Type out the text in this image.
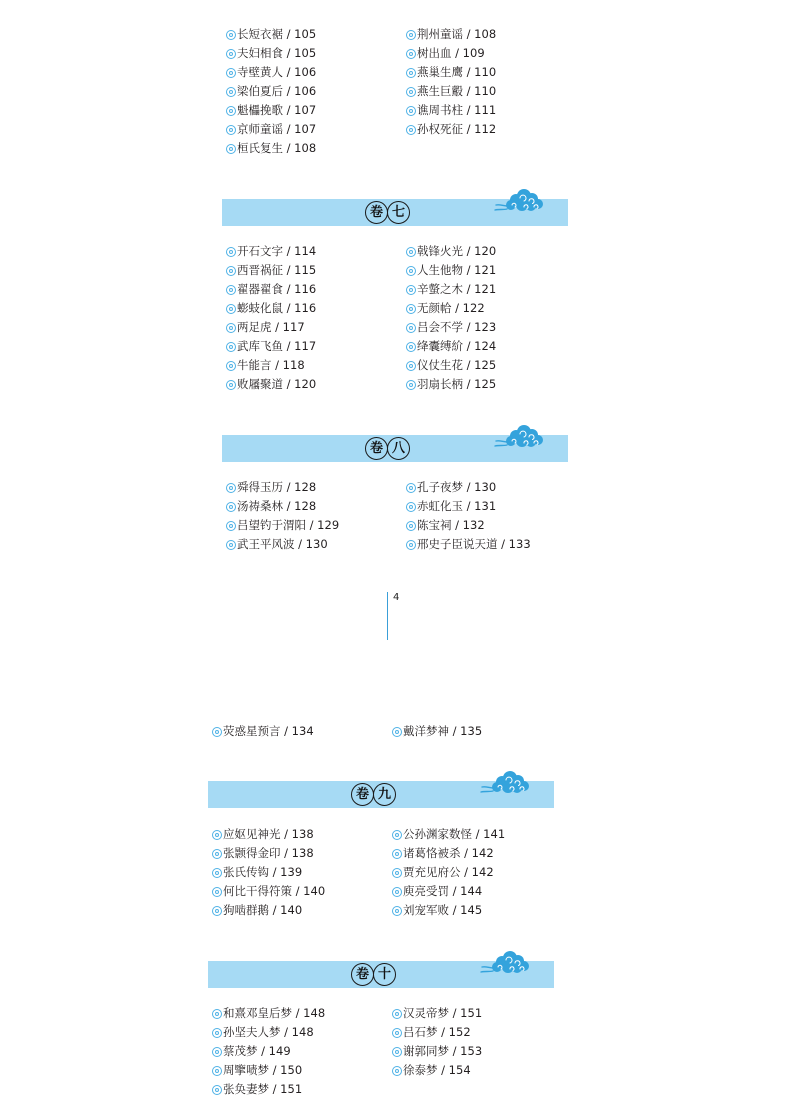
长短衣裾 / 105
夫妇相食 / 105
寺壁黄人 / 106
梁伯夏后 / 106
魁櫑挽歌 / 107
京师童谣 / 107
桓氏复生 / 108
荆州童谣 / 108
树出血 / 109
燕巢生鹰 / 110
燕生巨鷇 / 110
谯周书柱 / 111
孙权死征 / 112
卷 七
开石文字 / 114
西晋祸征 / 115
翟器翟食 / 116
蟛蚑化鼠 / 116
两足虎 / 117
武库飞鱼 / 117
牛能言 / 118
败屩聚道 / 120
戟锋火光 / 120
人生他物 / 121
辛螫之木 / 121
无颜帢 / 122
吕会不学 / 123
绛囊缚紒 / 124
仪仗生花 / 125
羽扇长柄 / 125
卷 八
舜得玉历 / 128
汤祷桑林 / 128
吕望钓于渭阳 / 129
武王平风波 / 130
孔子夜梦 / 130
赤虹化玉 / 131
陈宝祠 / 132
邢史子臣说天道 / 133
4
荧惑星预言 / 134	戴洋梦神 / 135
卷 九
应妪见神光 / 138
张颢得金印 / 138
张氏传钩 / 139
何比干得符策 / 140
狗啮群鹅 / 140
公孙渊家数怪 / 141
诸葛恪被杀 / 142
贾充见府公 / 142
庾亮受罚 / 144
刘宠军败 / 145
卷 十
和熹邓皇后梦 / 148
孙坚夫人梦 / 148
蔡茂梦 / 149
周擥啧梦 / 150
张奂妻梦 / 151
汉灵帝梦 / 151
吕石梦 / 152
谢郭同梦 / 153
徐泰梦 / 154
